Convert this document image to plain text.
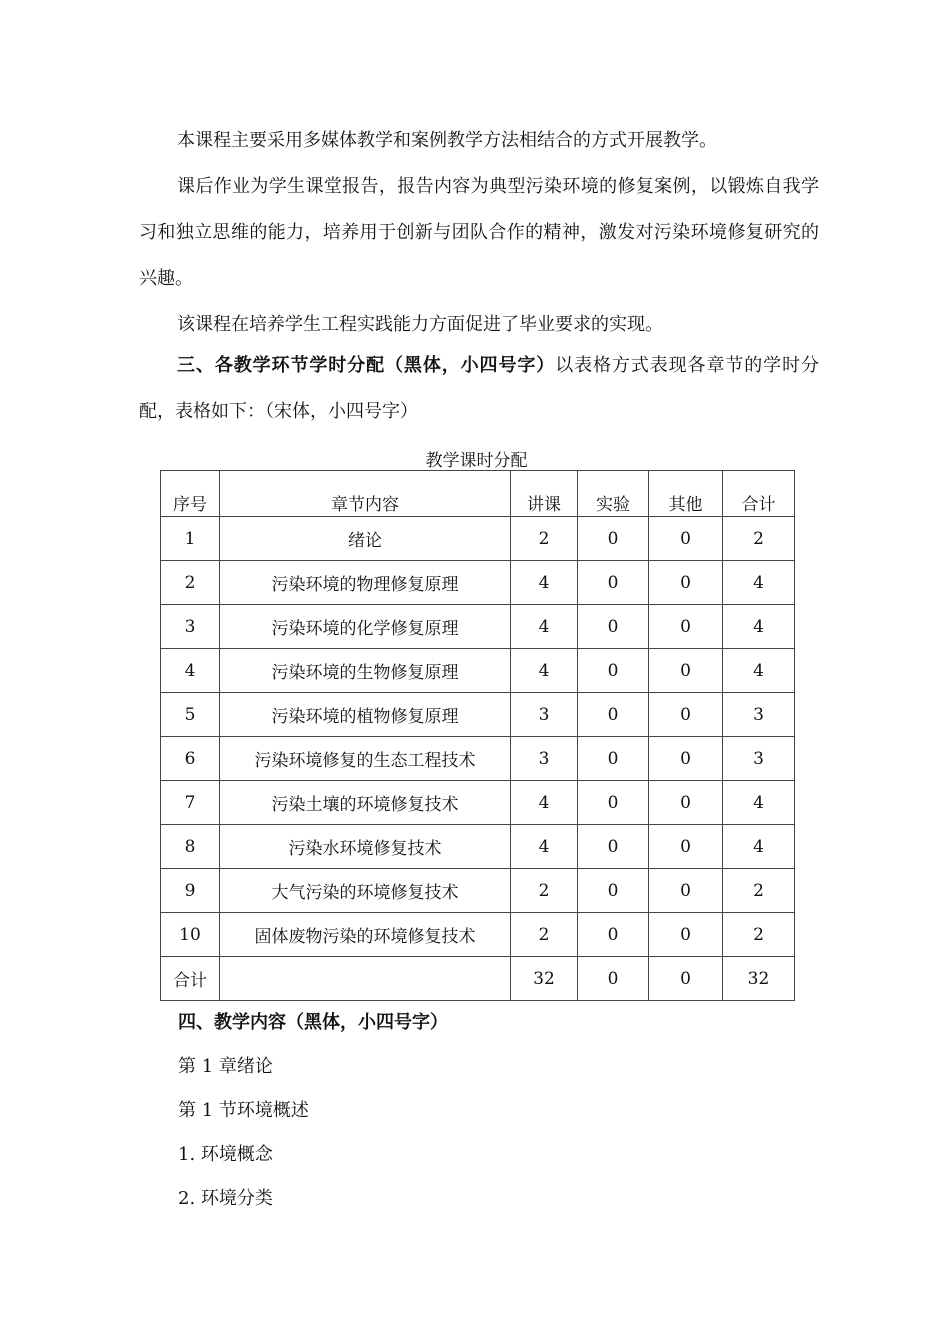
本课程主要采用多媒体教学和案例教学方法相结合的方式开展教学。

课后作业为学生课堂报告，报告内容为典型污染环境的修复案例，以锻炼自我学习和独立思维的能力，培养用于创新与团队合作的精神，激发对污染环境修复研究的兴趣。

该课程在培养学生工程实践能力方面促进了毕业要求的实现。

三、各教学环节学时分配（黑体，小四号字）以表格方式表现各章节的学时分配，表格如下：（宋体，小四号字）

教学课时分配
序号	章节内容	讲课	实验	其他	合计
1	绪论	2	0	0	2
2	污染环境的物理修复原理	4	0	0	4
3	污染环境的化学修复原理	4	0	0	4
4	污染环境的生物修复原理	4	0	0	4
5	污染环境的植物修复原理	3	0	0	3
6	污染环境修复的生态工程技术	3	0	0	3
7	污染土壤的环境修复技术	4	0	0	4
8	污染水环境修复技术	4	0	0	4
9	大气污染的环境修复技术	2	0	0	2
10	固体废物污染的环境修复技术	2	0	0	2
合计		32	0	0	32
四、教学内容（黑体，小四号字）
第 1 章绪论
第 1 节环境概述
1. 环境概念
2. 环境分类
